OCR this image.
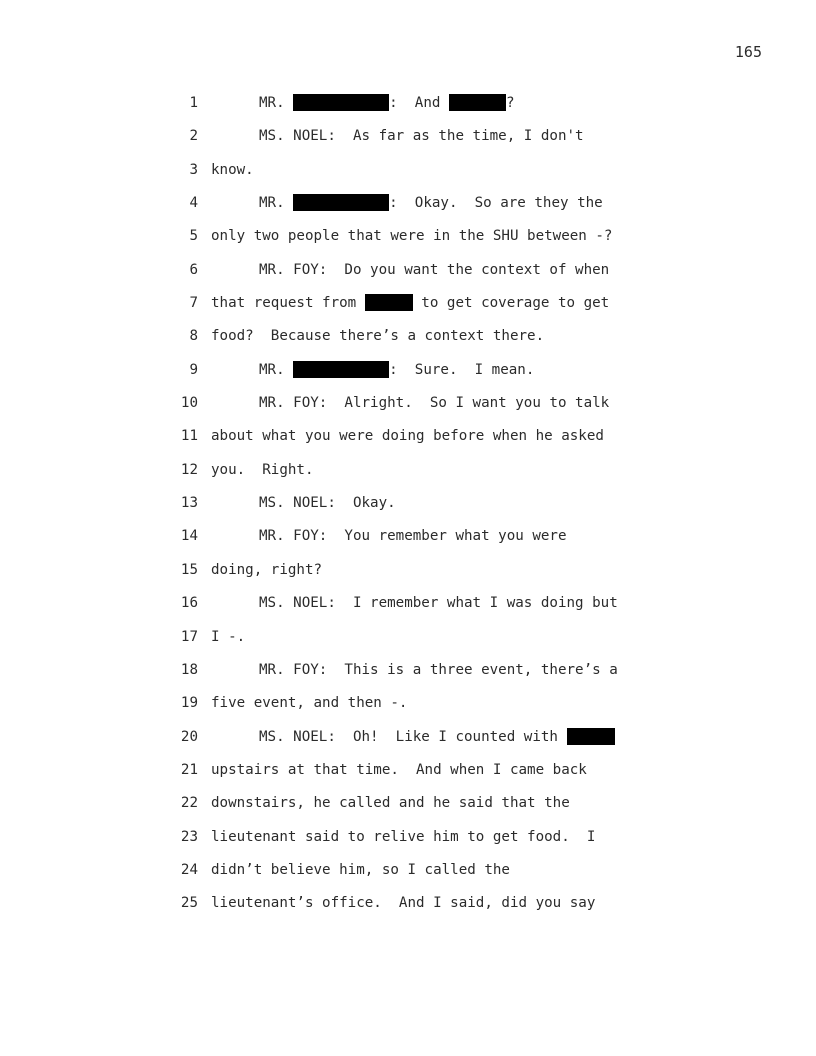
165
1	MR.	:  And	?
2	MS. NOEL:  As far as the time, I don't
3 know.
4	MR.	:  Okay.  So are they the
5 only two people that were in the SHU between -?
6	MR. FOY:  Do you want the context of when
7 that request from	to get coverage to get
8 food?  Because there’s a context there.
9	MR.	:  Sure.  I mean.
10	MR. FOY:  Alright.  So I want you to talk
11 about what you were doing before when he asked
12 you.  Right.
13	MS. NOEL:  Okay.
14	MR. FOY:  You remember what you were
15 doing, right?
16	MS. NOEL:  I remember what I was doing but
17 I -.
18	MR. FOY:  This is a three event, there’s a
19 five event, and then -.
20	MS. NOEL:  Oh!  Like I counted with
21 upstairs at that time.  And when I came back
22 downstairs, he called and he said that the
23 lieutenant said to relive him to get food.  I
24 didn’t believe him, so I called the
25 lieutenant’s office.  And I said, did you say
